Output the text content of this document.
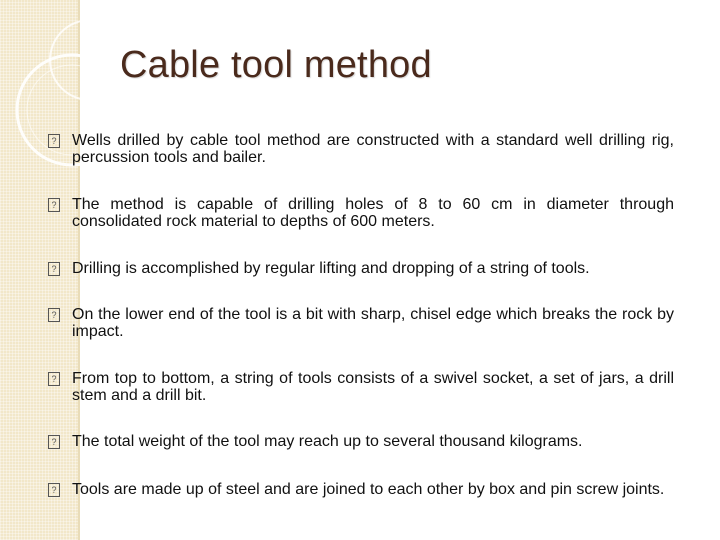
Cable tool method
? Wells drilled by cable tool method are constructed with a standard well drilling rig, percussion tools and bailer.
? The method is capable of drilling holes of 8 to 60 cm in diameter through consolidated rock material to depths of 600 meters.
? Drilling is accomplished by regular lifting and dropping of a string of tools.
? On the lower end of the tool is a bit with sharp, chisel edge which breaks the rock by impact.
? From top to bottom, a string of tools consists of a swivel socket, a set of jars, a drill stem and a drill bit.
? The total weight of the tool may reach up to several thousand kilograms.
? Tools are made up of steel and are joined to each other by box and pin screw joints.
